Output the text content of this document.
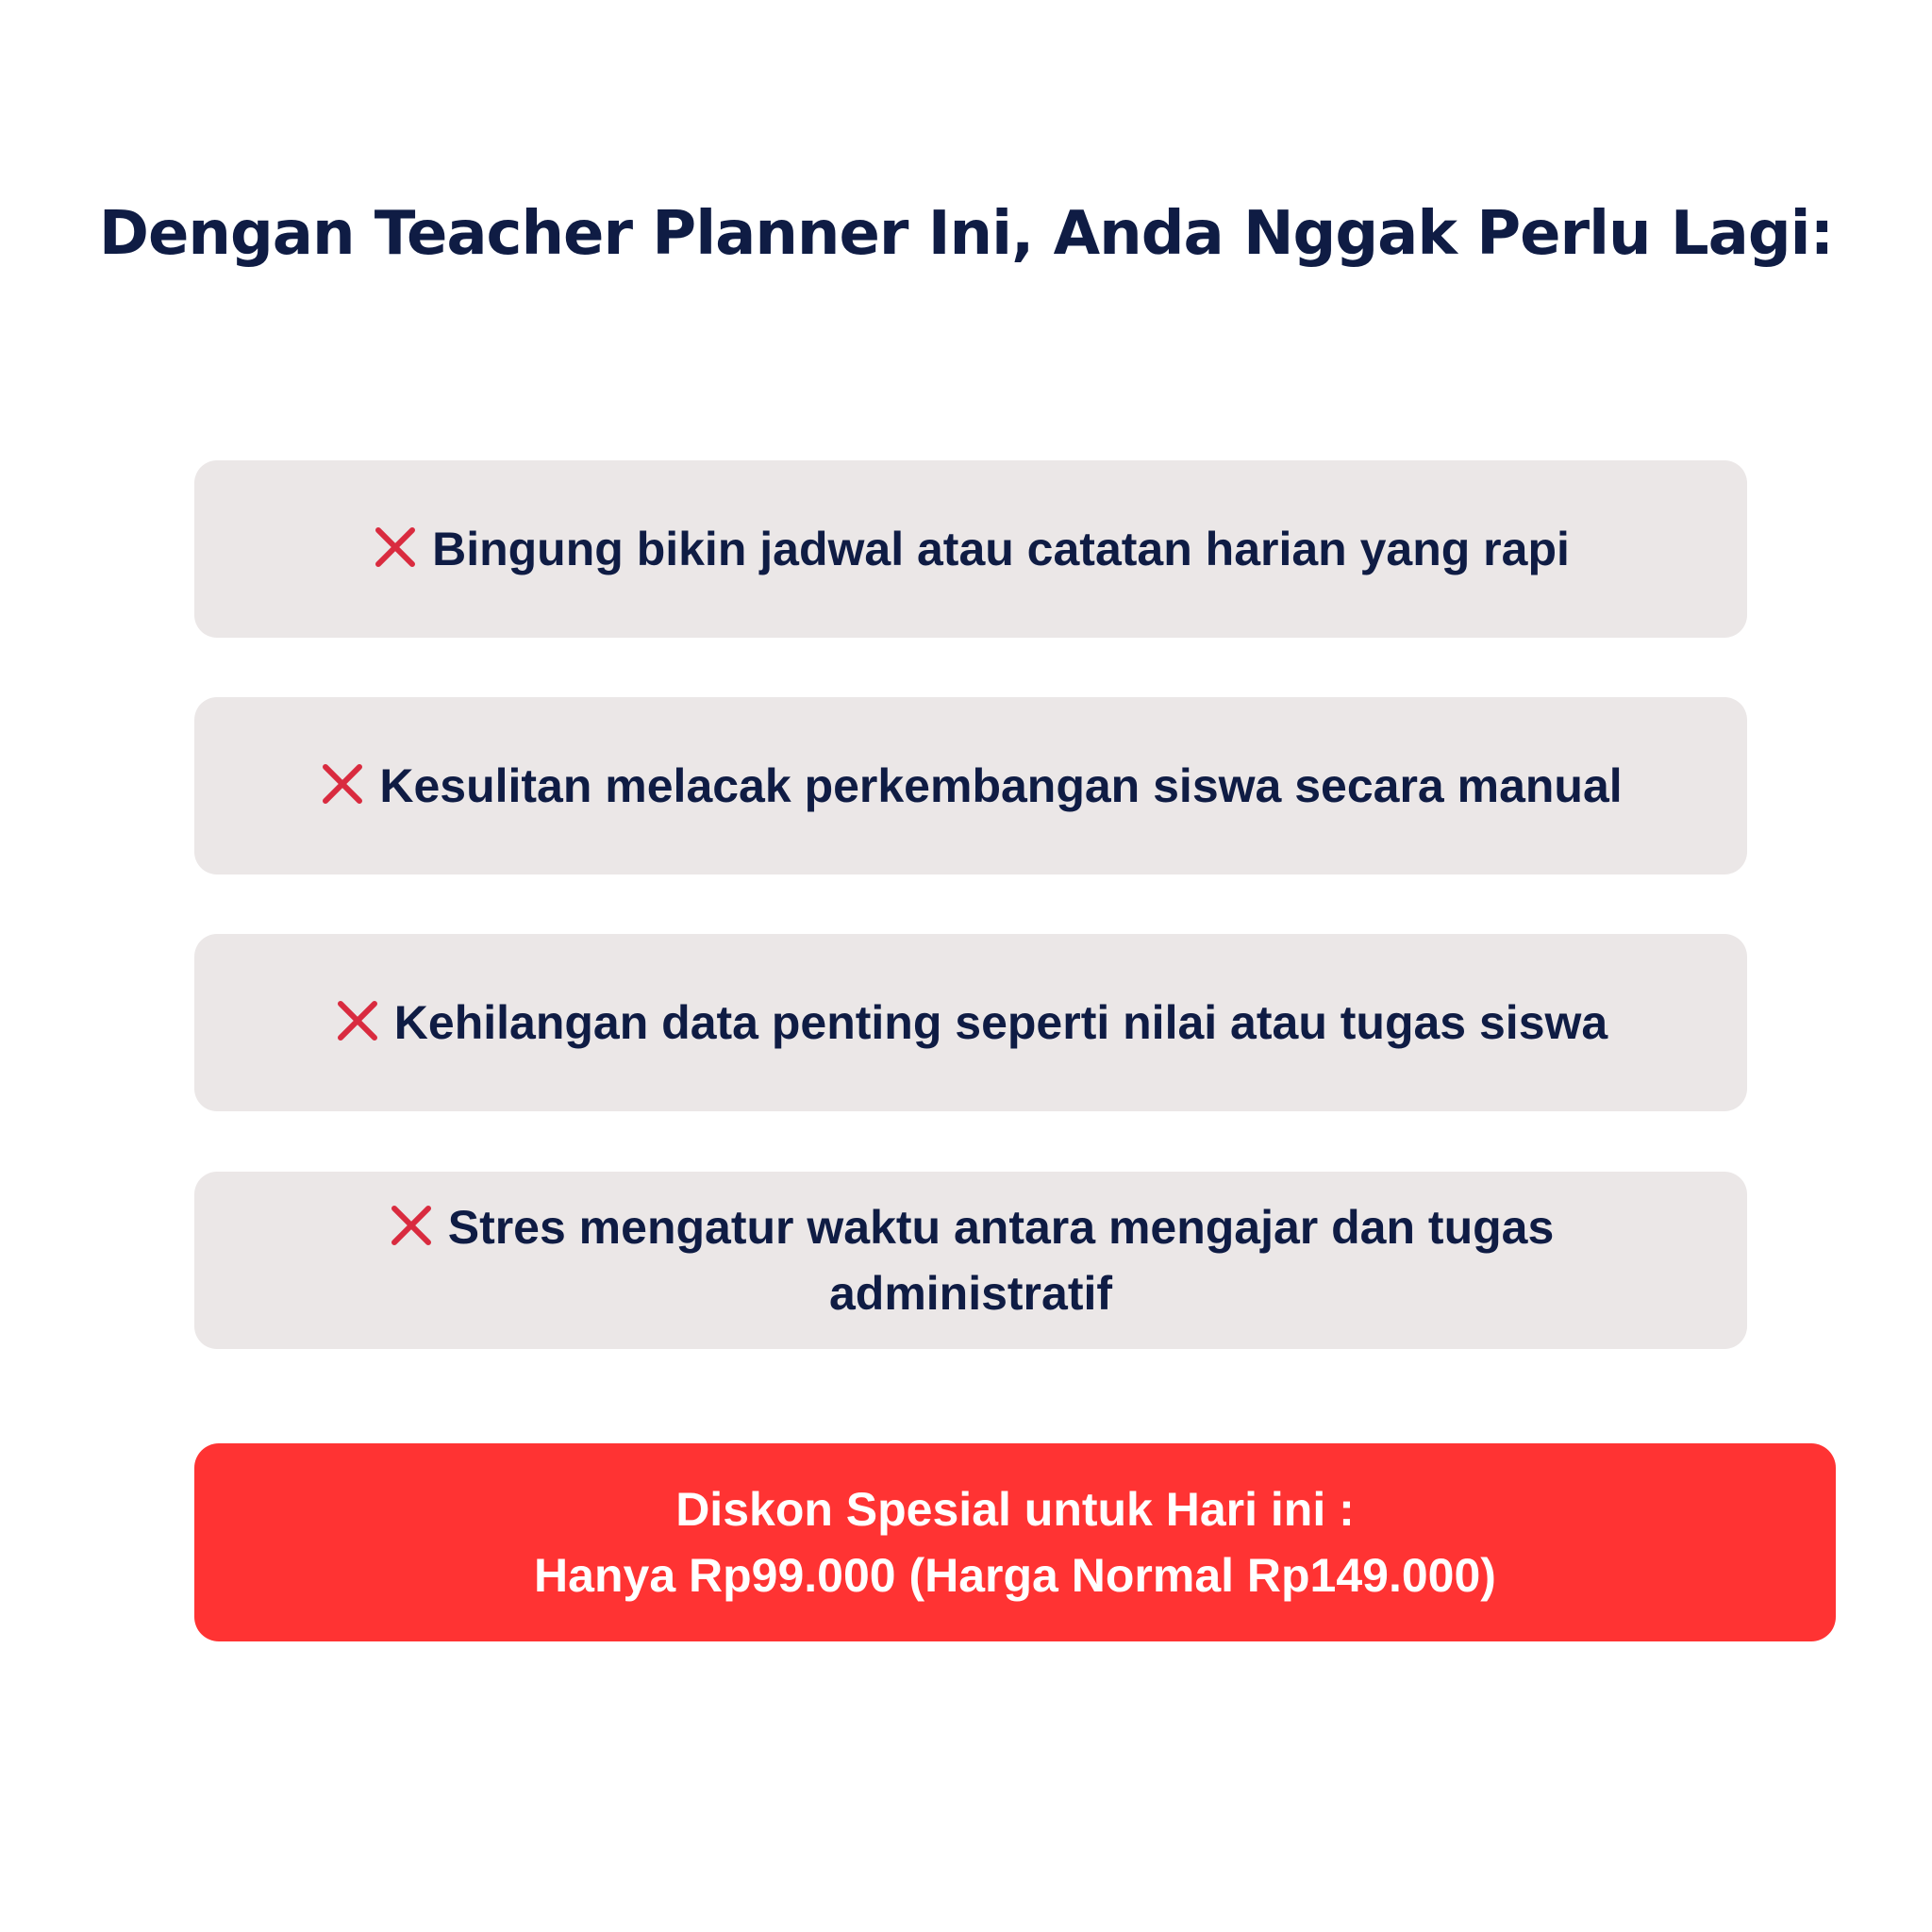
Dengan Teacher Planner Ini, Anda Nggak Perlu Lagi:
Bingung bikin jadwal atau catatan harian yang rapi
Kesulitan melacak perkembangan siswa secara manual
Kehilangan data penting seperti nilai atau tugas siswa
Stres mengatur waktu antara mengajar dan tugas administratif
Diskon Spesial untuk Hari ini :
Hanya Rp99.000 (Harga Normal Rp149.000)
